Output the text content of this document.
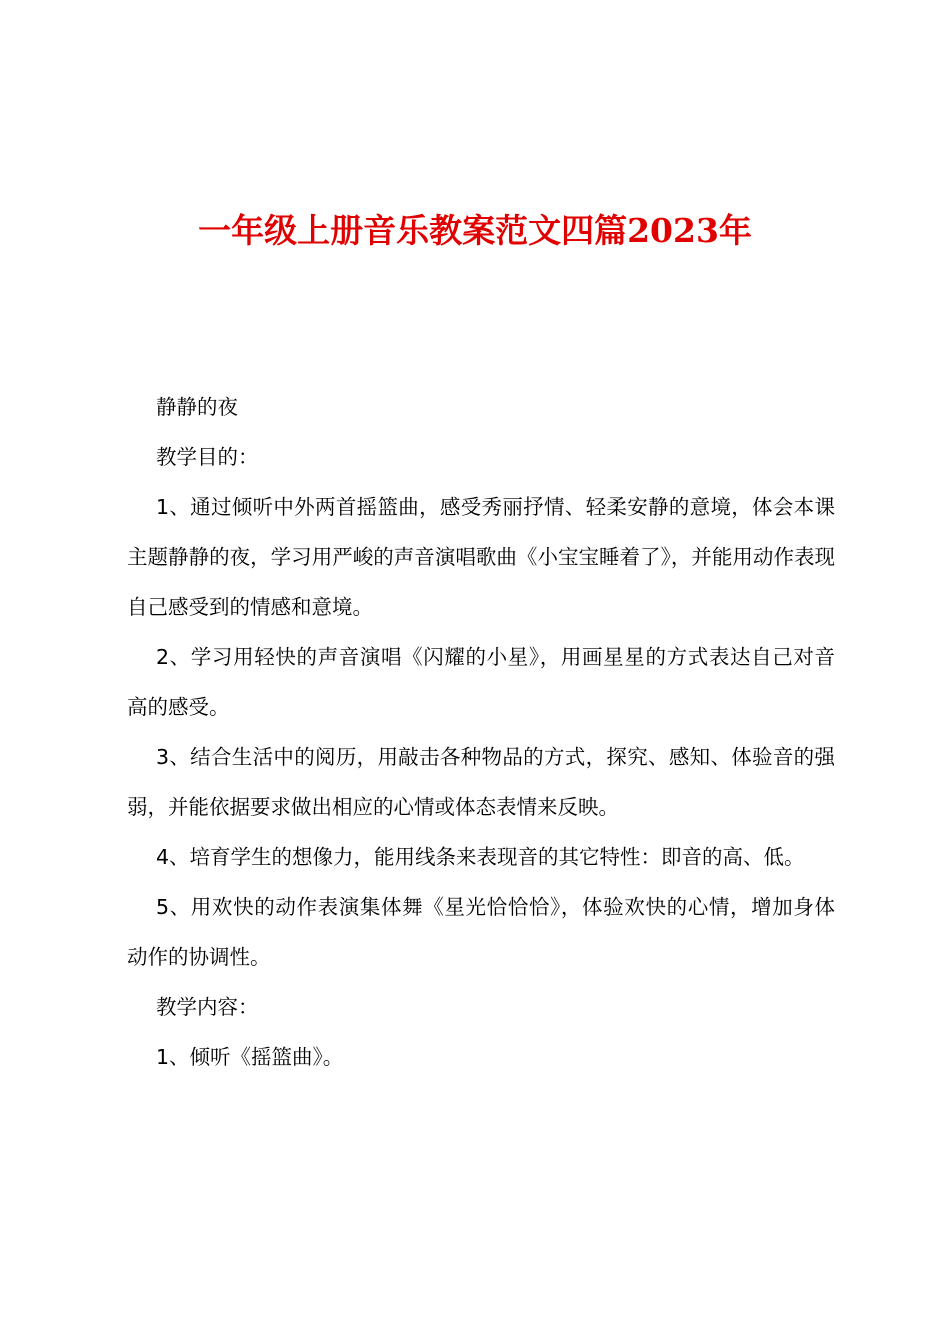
一年级上册音乐教案范文四篇2023年

静静的夜

教学目的：

1、通过倾听中外两首摇篮曲，感受秀丽抒情、轻柔安静的意境，体会本课主题静静的夜，学习用严峻的声音演唱歌曲《小宝宝睡着了》，并能用动作表现自己感受到的情感和意境。

2、学习用轻快的声音演唱《闪耀的小星》，用画星星的方式表达自己对音高的感受。

3、结合生活中的阅历，用敲击各种物品的方式，探究、感知、体验音的强弱，并能依据要求做出相应的心情或体态表情来反映。

4、培育学生的想像力，能用线条来表现音的其它特性：即音的高、低。

5、用欢快的动作表演集体舞《星光恰恰恰》，体验欢快的心情，增加身体动作的协调性。

教学内容：

1、倾听《摇篮曲》。
